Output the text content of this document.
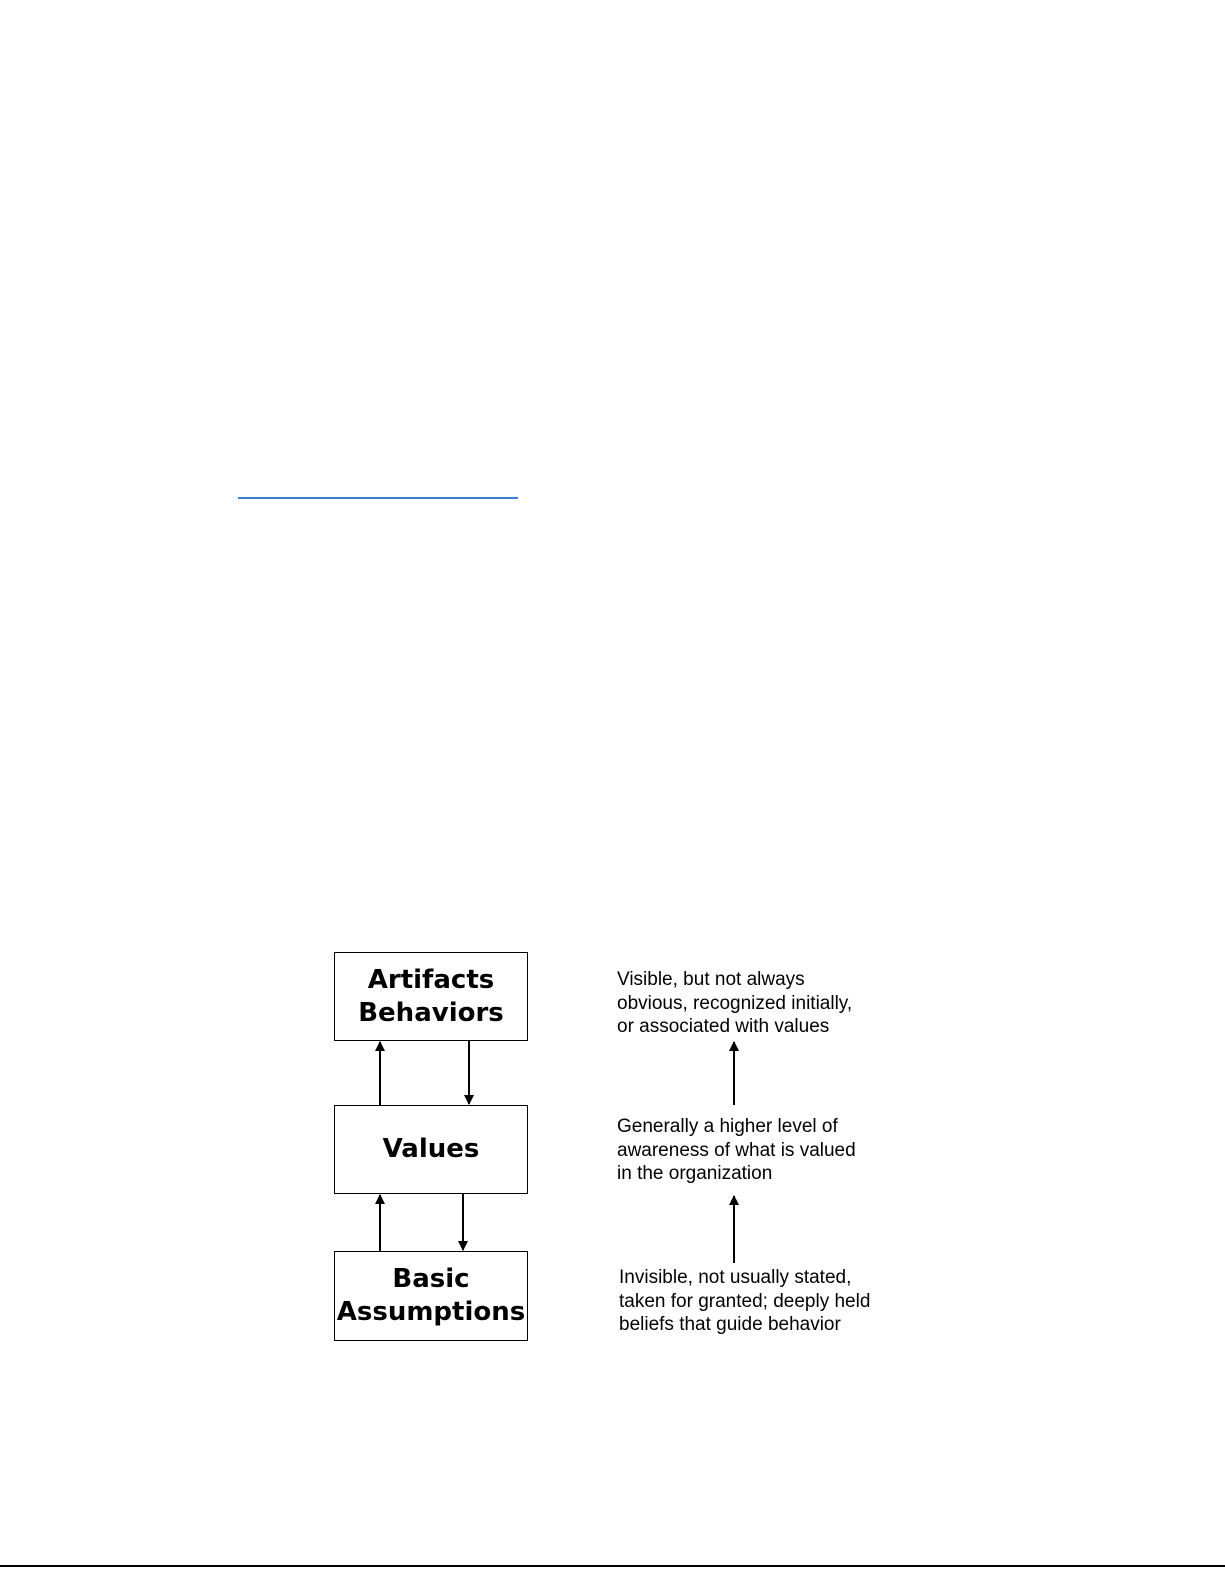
Artifacts
Behaviors
Values
Basic
Assumptions
Visible, but not always
obvious, recognized initially,
or associated with values
Generally a higher level of
awareness of what is valued
in the organization
Invisible, not usually stated,
taken for granted; deeply held
beliefs that guide behavior
